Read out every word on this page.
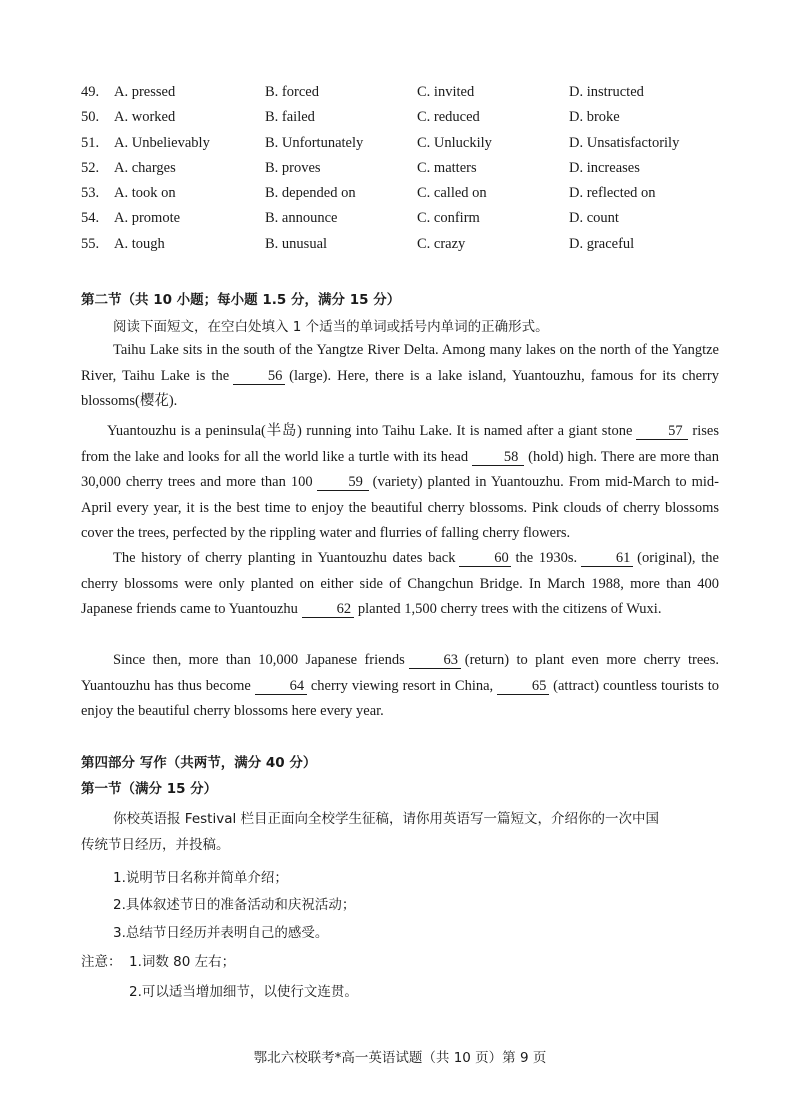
49. A. pressed	B. forced	C. invited	D. instructed
50. A. worked	B. failed	C. reduced	D. broke
51. A. Unbelievably	B. Unfortunately	C. Unluckily	D. Unsatisfactorily
52. A. charges	B. proves	C. matters	D. increases
53. A. took on	B. depended on	C. called on	D. reflected on
54. A. promote	B. announce	C. confirm	D. count
55. A. tough	B. unusual	C. crazy	D. graceful
第二节（共 10 小题；每小题 1.5 分，满分 15 分）
阅读下面短文，在空白处填入 1 个适当的单词或括号内单词的正确形式。

Taihu Lake sits in the south of the Yangtze River Delta. Among many lakes on the north of the Yangtze River, Taihu Lake is the	56 (large). Here, there is a lake island, Yuantouzhu, famous for its cherry blossoms(樱花).

Yuantouzhu is a peninsula(半岛) running into Taihu Lake. It is named after a giant stone 57 rises from the lake and looks for all the world like a turtle with its head 58 (hold) high. There are more than 30,000 cherry trees and more than 100 59 (variety) planted in Yuantouzhu. From mid-March to mid-April every year, it is the best time to enjoy the beautiful cherry blossoms. Pink clouds of cherry blossoms cover the trees, perfected by the rippling water and flurries of falling cherry flowers.

The history of cherry planting in Yuantouzhu dates back	60 the 1930s.	61 (original), the cherry blossoms were only planted on either side of Changchun Bridge. In March 1988, more than 400 Japanese friends came to Yuantouzhu	62 planted 1,500 cherry trees with the citizens of Wuxi.

Since then, more than 10,000 Japanese friends	63 (return) to plant even more cherry trees. Yuantouzhu has thus become	64 cherry viewing resort in China,	65 (attract) countless tourists to enjoy the beautiful cherry blossoms here every year.

第四部分 写作（共两节，满分 40 分）
第一节（满分 15 分）
你校英语报 Festival 栏目正面向全校学生征稿，请你用英语写一篇短文，介绍你的一次中国
传统节日经历，并投稿。
1.说明节日名称并简单介绍；
2.具体叙述节日的准备活动和庆祝活动；
3.总结节日经历并表明自己的感受。
注意： 1.词数 80 左右；
2.可以适当增加细节，以使行文连贯。
鄂北六校联考*高一英语试题（共 10 页）第 9 页
